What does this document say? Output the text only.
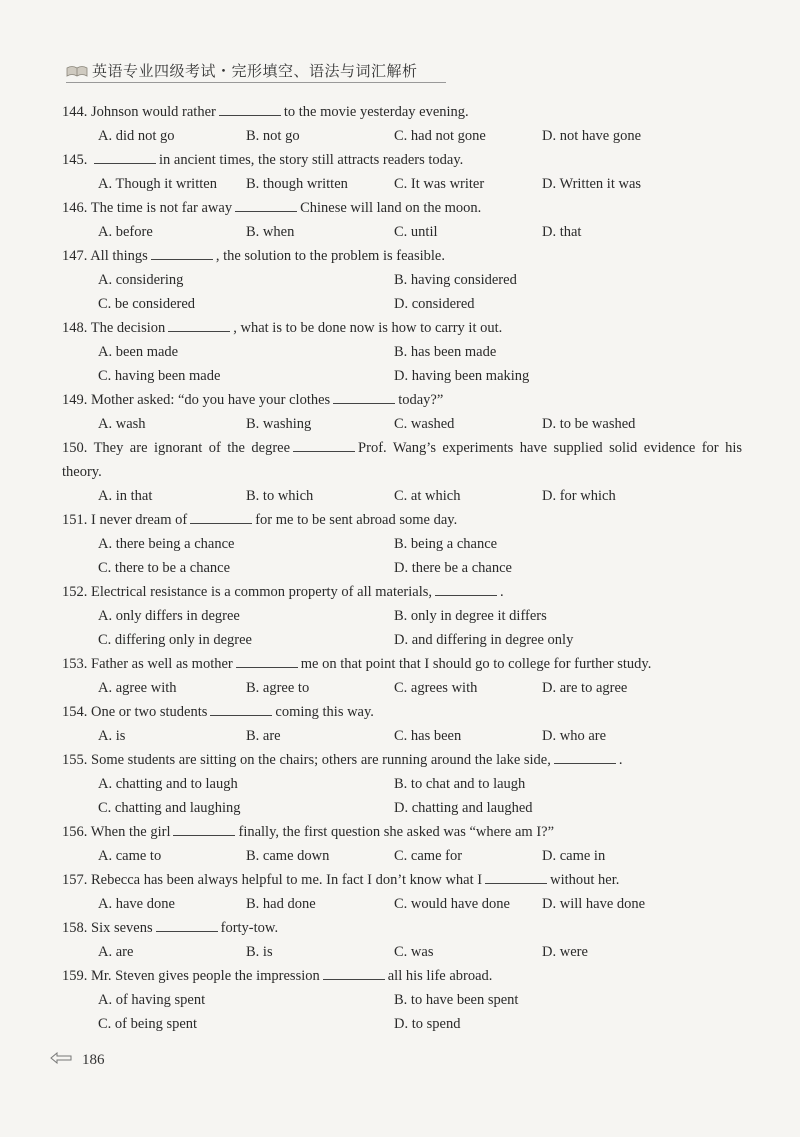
英语专业四级考试・完形填空、语法与词汇解析
144. Johnson would rather	to the movie yesterday evening.
A. did not go	B. not go	C. had not gone	D. not have gone
145.	in ancient times, the story still attracts readers today.
A. Though it written	B. though written	C. It was writer	D. Written it was
146. The time is not far away	Chinese will land on the moon.
A. before	B. when	C. until	D. that
147. All things	, the solution to the problem is feasible.
A. considering	B. having considered
C. be considered	D. considered
148. The decision	, what is to be done now is how to carry it out.
A. been made	B. has been made
C. having been made	D. having been making
149. Mother asked: “do you have your clothes	today?”
A. wash	B. washing	C. washed	D. to be washed
150. They are ignorant of the degree	Prof. Wang’s experiments have supplied solid evidence for his theory.
A. in that	B. to which	C. at which	D. for which
151. I never dream of	for me to be sent abroad some day.
A. there being a chance	B. being a chance
C. there to be a chance	D. there be a chance
152. Electrical resistance is a common property of all materials,	.
A. only differs in degree	B. only in degree it differs
C. differing only in degree	D. and differing in degree only
153. Father as well as mother	me on that point that I should go to college for further study.
A. agree with	B. agree to	C. agrees with	D. are to agree
154. One or two students	coming this way.
A. is	B. are	C. has been	D. who are
155. Some students are sitting on the chairs; others are running around the lake side,	.
A. chatting and to laugh	B. to chat and to laugh
C. chatting and laughing	D. chatting and laughed
156. When the girl	finally, the first question she asked was “where am I?”
A. came to	B. came down	C. came for	D. came in
157. Rebecca has been always helpful to me. In fact I don’t know what I	without her.
A. have done	B. had done	C. would have done	D. will have done
158. Six sevens	forty-tow.
A. are	B. is	C. was	D. were
159. Mr. Steven gives people the impression	all his life abroad.
A. of having spent	B. to have been spent
C. of being spent	D. to spend
186
